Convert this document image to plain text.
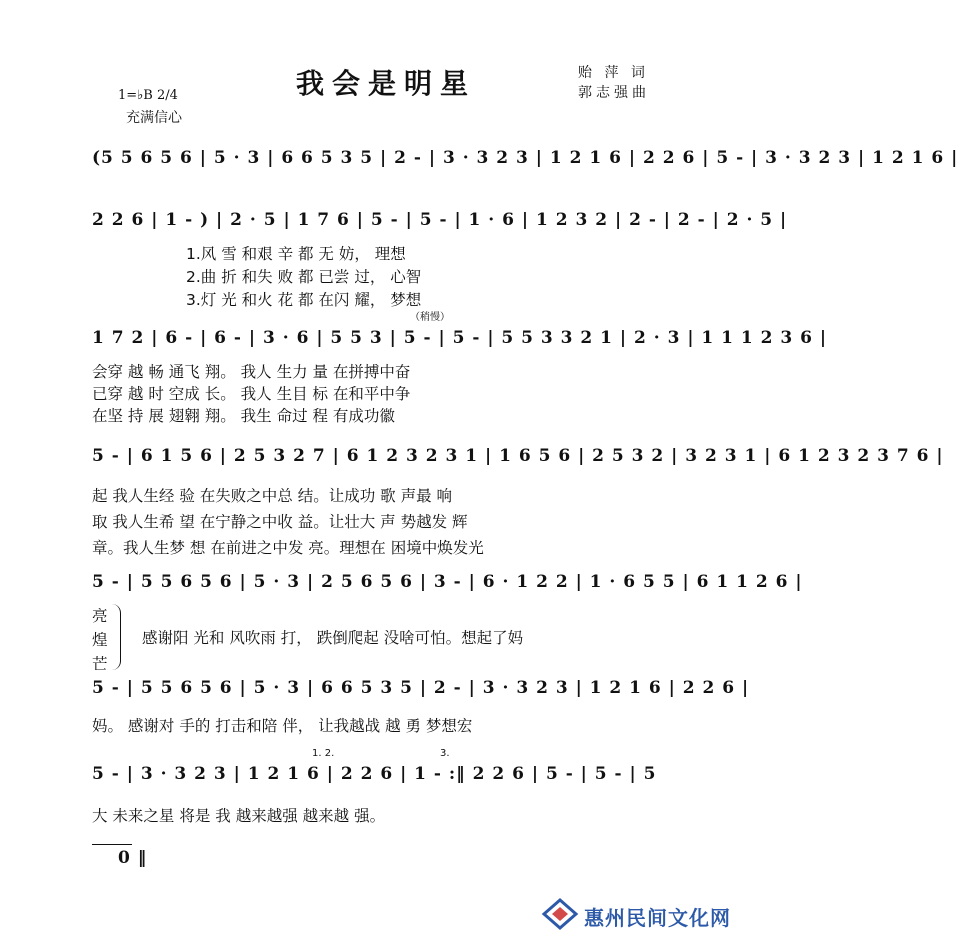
我会是明星	贻 萍 词
郭志强曲
1=♭B 2/4
充满信心
(5 5 6 5 6 | 5 · 3 | 6 6 5 3 5 | 2 - | 3 · 3 2 3 | 1 2 1 6 | 2 2 6 | 5 - | 3 · 3 2 3 | 1 2 1 6 |
2 2 6 | 1 - ) | 2 · 5 | 1 7 6 | 5 - | 5 - | 1 · 6 | 1 2 3 2 | 2 - | 2 - | 2 · 5 |
1.风 雪 和艰 辛 都 无 妨， 理想
2.曲 折 和失 败 都 已尝 过， 心智
3.灯 光 和火 花 都 在闪 耀， 梦想
（稍慢）
1 7 2 | 6 - | 6 - | 3 · 6 | 5 5 3 | 5 - | 5 - | 5 5 3 3 2 1 | 2 · 3 | 1 1 1 2 3 6 |
会穿 越 畅 通飞 翔。 我人 生力 量 在拼搏中奋
已穿 越 时 空成 长。 我人 生目 标 在和平中争
在坚 持 展 翅翱 翔。 我生 命过 程 有成功徽
5 - | 6 1 5 6 | 2 5 3 2 7 | 6 1 2 3 2 3 1 | 1 6 5 6 | 2 5 3 2 | 3 2 3 1 | 6 1 2 3 2 3 7 6 |
起 我人生经 验 在失败之中总 结。让成功 歌 声最 响
取 我人生希 望 在宁静之中收 益。让壮大 声 势越发 辉
章。我人生梦 想 在前进之中发 亮。理想在 困境中焕发光
5 - | 5 5 6 5 6 | 5 · 3 | 2 5 6 5 6 | 3 - | 6 · 1 2 2 | 1 · 6 5 5 | 6 1 1 2 6 |
亮
煌
芒
感谢阳 光和 风吹雨 打， 跌倒爬起 没啥可怕。想起了妈
5 - | 5 5 6 5 6 | 5 · 3 | 6 6 5 3 5 | 2 - | 3 · 3 2 3 | 1 2 1 6 | 2 2 6 |
妈。 感谢对 手的 打击和陪 伴， 让我越战 越 勇 梦想宏
1. 2.	3.
5 - | 3 · 3 2 3 | 1 2 1 6 | 2 2 6 | 1 - :‖ 2 2 6 | 5 - | 5 - | 5
大 未来之星 将是 我 越来越强 越来越 强。
0 ‖
惠州民间文化网
